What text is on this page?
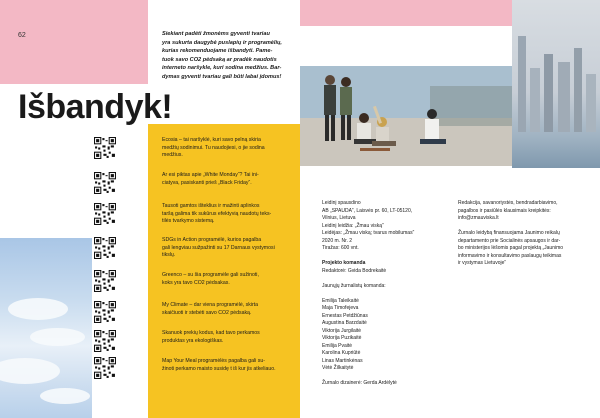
62	Siekiant padėti žmonėms gyventi tvariau
yra sukurta daugybė puslapių ir programėlių,
kurias rekomenduojame išbandyti. Pame-
tuok savo CO2 pėdsaką ar pradėk naudotis
interneto naršykle, kuri sodina medžius. Bar-
dymas gyventi tvariau gali būti labai įdomus!

Išbandyk!
Ecosia – tai naršyklė, kuri savo pelną skiria
medžių sodinimui. Tu naudojiesi, o jie sodina
medžius.
Ar esi piktas apie „White Monday“? Tai ini-
ciatyva, pasiskanti prieš „Black Friday“.
Tausoti gamtos išteklius ir mažinti aplinkos
taršą galima tik sukūrus efektyvią naudotų teks-
tilės tvarkymo sistemą.
SDGs in Action programėlė, kurios pagalba
gali lengviau sužpažinti su 17 Darnaus vystymosi
tikslų.
Greenco – su šia programėle gali sužinoti,
koks yra tavo CO2 pėdsakas.
My Climate – dar viena programėlė, skirta
skaičiuoti ir stebėti savo CO2 pėdsaką.
Skanuok prekių kodus, kad tavo perkamos
produktas yra ekologiškas.
Map Your Meal programėlės pagalba gali su-
žinoti perkamo maisto susidę t iš kur jis atkeliauo.
Leidinį spausdino
AB „SPAUDA“, Laisvės pr. 60, LT-05120,
Vilnius, Lietuva
Leidinį leidžia: „Žmau viską“
Leidėjas: „Žmau viską; tvarus mobilumas“
2020 m. Nr. 2
Tiražas: 600 vnt.
Projekto komanda
Redaktorė: Gvida Bodrekaitė
Jaunųjų žurnalistų komanda:
Emilija Taleikaitė
Maja Timofejeva
Ernestas Petdžiūnas
Augustina Barzdaitė
Viktorija Jurgilaitė
Viktorija Puzikaitė
Emilija Pvaitė
Karolina Kupriūtė
Linas Martinkėnas
Vėtė Žilkaitytė
Žurnalo dizainerė: Gerda Ardėlytė
Redakcija, savanoriystės, bendradarbiavimo,
pagalbos ir pasiūlės klausimais kreipkitės:
info@zmauviska.lt
Žurnalo leidybą finansuojama Jaunimo reikalų
departamento prie Socialinės apsaugos ir dar-
bo ministerijos lėšomis pagal projektą „Jaunimo
informavimo ir konsultavimo paslaugų teikimas
ir vystymas Lietuvoje“
